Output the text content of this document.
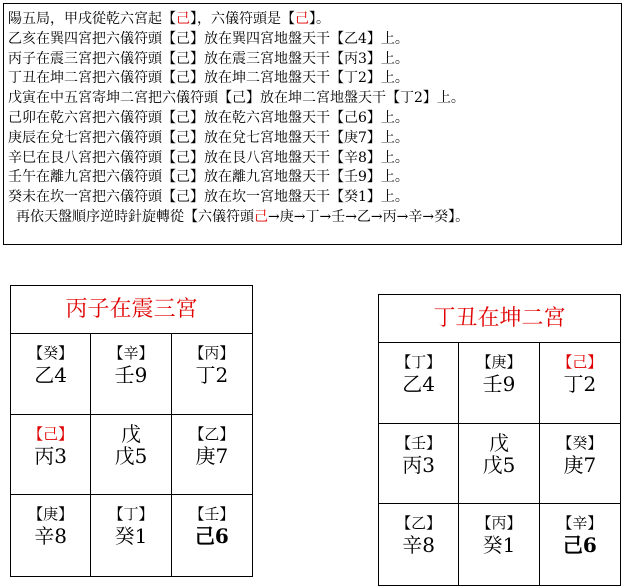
陽五局，甲戌從乾六宮起【己】，六儀符頭是【己】。
乙亥在巽四宮把六儀符頭【己】放在巽四宮地盤天干【乙4】上。
丙子在震三宮把六儀符頭【己】放在震三宮地盤天干【丙3】上。
丁丑在坤二宮把六儀符頭【己】放在坤二宮地盤天干【丁2】上。
戊寅在中五宮寄坤二宮把六儀符頭【己】放在坤二宮地盤天干【丁2】上。
己卯在乾六宮把六儀符頭【己】放在乾六宮地盤天干【己6】上。
庚辰在兌七宮把六儀符頭【己】放在兌七宮地盤天干【庚7】上。
辛巳在艮八宮把六儀符頭【己】放在艮八宮地盤天干【辛8】上。
壬午在離九宮把六儀符頭【己】放在離九宮地盤天干【壬9】上。
癸未在坎一宮把六儀符頭【己】放在坎一宮地盤天干【癸1】上。
再依天盤順序逆時針旋轉從【六儀符頭己→庚→丁→壬→乙→丙→辛→癸】。
丙子在震三宮
【癸】
乙4
【辛】
壬9
【丙】
丁2
【己】
丙3
戊
戊5
【乙】
庚7
【庚】
辛8
【丁】
癸1
【壬】
己6
丁丑在坤二宮
【丁】
乙4
【庚】
壬9
【己】
丁2
【壬】
丙3
戊
戊5
【癸】
庚7
【乙】
辛8
【丙】
癸1
【辛】
己6
